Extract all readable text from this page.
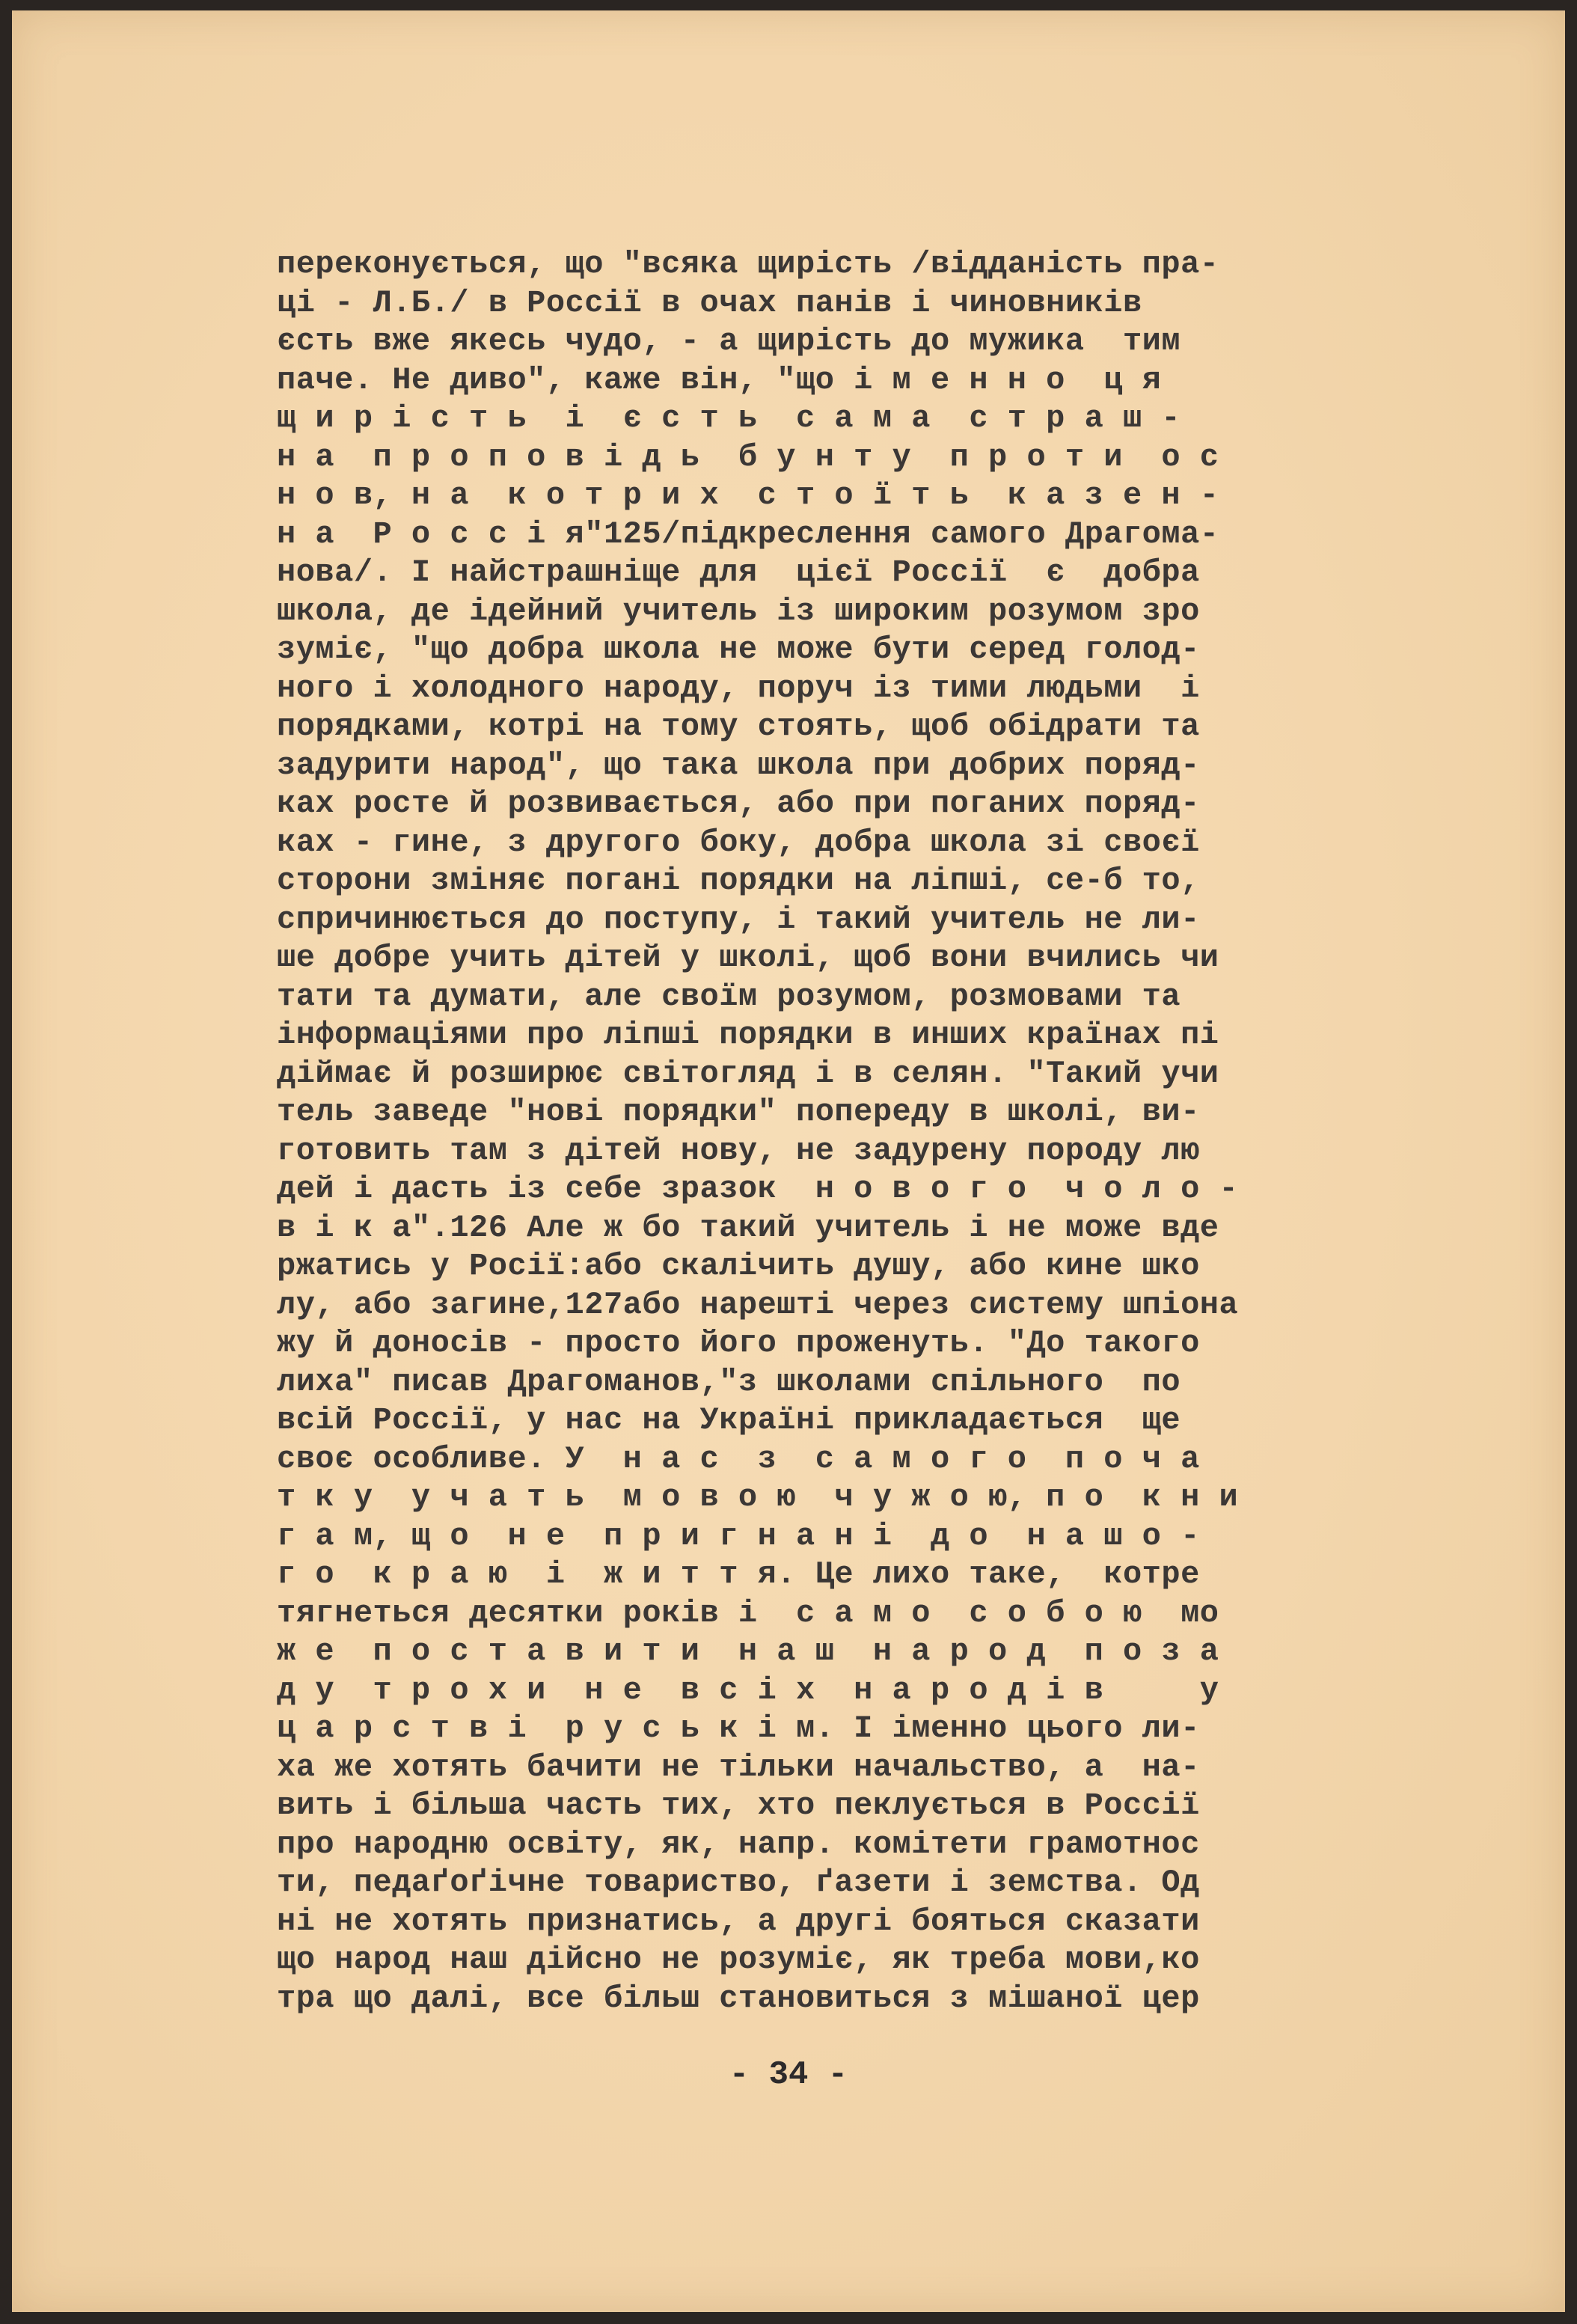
переконується, що "всяка щирість /відданість пра-
ці - Л.Б./ в Россії в очах панів і чиновників
єсть вже якесь чудо, - а щирість до мужика  тим
паче. Не диво", каже він, "що і м е н н о  ц я
щ и р і с т ь  і  є с т ь  с а м а  с т р а ш -
н а  п р о п о в і д ь  б у н т у  п р о т и  о с
н о в, н а  к о т р и х  с т о ї т ь  к а з е н -
н а  Р о с с і я"125/підкреслення самого Драгома-
нова/. І найстрашніще для  цієї Россії  є  добра
школа, де ідейний учитель із широким розумом зро
зуміє, "що добра школа не може бути серед голод-
ного і холодного народу, поруч із тими людьми  і
порядками, котрі на тому стоять, щоб обідрати та
задурити народ", що така школа при добрих поряд-
ках росте й розвивається, або при поганих поряд-
ках - гине, з другого боку, добра школа зі своєї
сторони зміняє погані порядки на ліпші, се-б то,
спричинюється до поступу, і такий учитель не ли-
ше добре учить дітей у школі, щоб вони вчились чи
тати та думати, але своїм розумом, розмовами та
інформаціями про ліпші порядки в инших країнах пі
діймає й розширює світогляд і в селян. "Такий учи
тель заведе "нові порядки" попереду в школі, ви-
готовить там з дітей нову, не задурену породу лю
дей і дасть із себе зразок  н о в о г о  ч о л о -
в і к а".126 Але ж бо такий учитель і не може вде
ржатись у Росії:або скалічить душу, або кине шко
лу, або загине,127або нарешті через систему шпіона
жу й доносів - просто його проженуть. "До такого
лиха" писав Драгоманов,"з школами спільного  по
всій Россії, у нас на Україні прикладається  ще
своє особливе. У  н а с  з  с а м о г о  п о ч а
т к у  у ч а т ь  м о в о ю  ч у ж о ю, п о  к н и
г а м, щ о  н е  п р и г н а н і  д о  н а ш о -
г о  к р а ю  і  ж и т т я. Це лихо таке,  котре
тягнеться десятки років і  с а м о  с о б о ю  мо
ж е  п о с т а в и т и  н а ш  н а р о д  п о з а
д у  т р о х и  н е  в с і х  н а р о д і в     у
ц а р с т в і  р у с ь к і м. І іменно цього ли-
ха же хотять бачити не тільки начальство, а  на-
вить і більша часть тих, хто пеклується в Россії
про народню освіту, як, напр. комітети грамотнос
ти, педаґоґічне товариство, ґазети і земства. Од
ні не хотять признатись, а другі бояться сказати
що народ наш дійсно не розуміє, як треба мови,ко
тра що далі, все більш становиться з мішаної цер
- 34 -
